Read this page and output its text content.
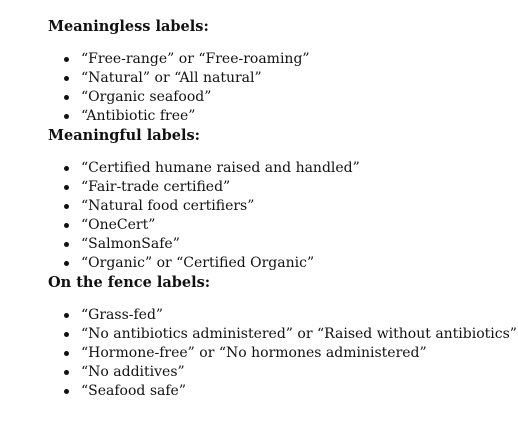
Meaningless labels:

“Free-range” or “Free-roaming”
“Natural” or “All natural”
“Organic seafood”
“Antibiotic free”

Meaningful labels:

“Certified humane raised and handled”
“Fair-trade certified”
“Natural food certifiers”
“OneCert”
“SalmonSafe”
“Organic” or “Certified Organic”

On the fence labels:

“Grass-fed”
“No antibiotics administered” or “Raised without antibiotics”
“Hormone-free” or “No hormones administered”
“No additives”
“Seafood safe”
